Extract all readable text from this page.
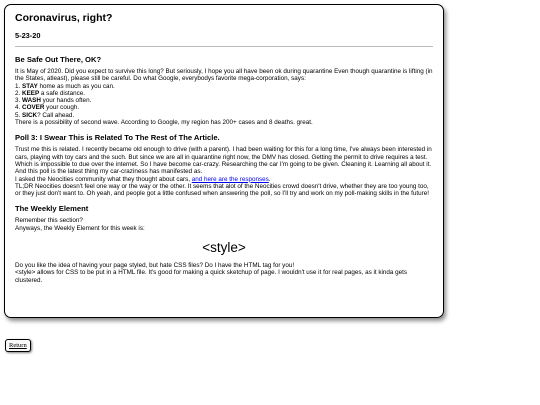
Coronavirus, right?
5-23-20
Be Safe Out There, OK?

It is May of 2020. Did you expect to survive this long? But seriously, I hope you all have been ok during quarantine Even though quarantine is lifting (in the States, atleast), please still be careful. Do what Google, everybodys favorite mega-corporation, says:

1. STAY home as much as you can.
2. KEEP a safe distance.
3. WASH your hands often.
4. COVER your cough.
5. SICK? Call ahead.

There is a possibility of second wave. According to Google, my region has 200+ cases and 8 deaths. great.

Poll 3: I Swear This is Related To The Rest of The Article.

Trust me this is related. I recently became old enough to drive (with a parent). I had been waiting for this for a long time, I've always been interested in cars, playing with toy cars and the such. But since we are all in quarantine right now, the DMV has closed. Getting the permit to drive requires a test. Which is impossible to due over the internet. So I have become car-crazy. Researching the car I'm going to be given. Cleaning it. Learning all about it. And this poll is the latest thing my car-craziness has manifested as.

I asked the Neocities community what they thought about cars, and here are the responses.

TL;DR Neocities doesn't feel one way or the way or the other. It seems that alot of the Neocities crowd doesn't drive, whether they are too young too, or they just don't want to. Oh yeah, and people got a little confused when answering the poll, so I'll try and work on my poll-making skills in the future!

The Weekly Element

Remember this section?

Anyways, the Weekly Element for this week is:

<style>

Do you like the idea of having your page styled, but hate CSS files? Do I have the HTML tag for you!

<style> allows for CSS to be put in a HTML file. It's good for making a quick sketchup of page. I wouldn't use it for real pages, as it kinda gets clustered.

Return
